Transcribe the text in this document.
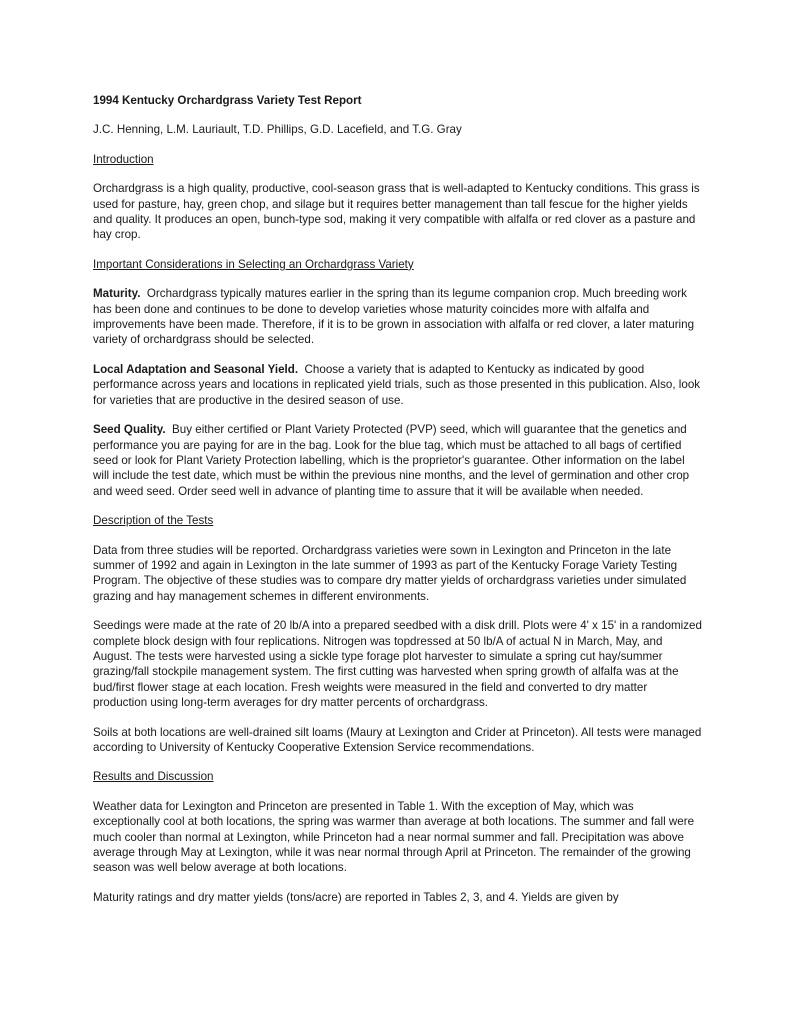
1994 Kentucky Orchardgrass Variety Test Report

J.C. Henning, L.M. Lauriault, T.D. Phillips, G.D. Lacefield, and T.G. Gray

Introduction

Orchardgrass is a high quality, productive, cool-season grass that is well-adapted to Kentucky conditions. This grass is used for pasture, hay, green chop, and silage but it requires better management than tall fescue for the higher yields and quality. It produces an open, bunch-type sod, making it very compatible with alfalfa or red clover as a pasture and hay crop.

Important Considerations in Selecting an Orchardgrass Variety

Maturity. Orchardgrass typically matures earlier in the spring than its legume companion crop. Much breeding work has been done and continues to be done to develop varieties whose maturity coincides more with alfalfa and improvements have been made. Therefore, if it is to be grown in association with alfalfa or red clover, a later maturing variety of orchardgrass should be selected.

Local Adaptation and Seasonal Yield. Choose a variety that is adapted to Kentucky as indicated by good performance across years and locations in replicated yield trials, such as those presented in this publication. Also, look for varieties that are productive in the desired season of use.

Seed Quality. Buy either certified or Plant Variety Protected (PVP) seed, which will guarantee that the genetics and performance you are paying for are in the bag. Look for the blue tag, which must be attached to all bags of certified seed or look for Plant Variety Protection labelling, which is the proprietor's guarantee. Other information on the label will include the test date, which must be within the previous nine months, and the level of germination and other crop and weed seed. Order seed well in advance of planting time to assure that it will be available when needed.

Description of the Tests

Data from three studies will be reported. Orchardgrass varieties were sown in Lexington and Princeton in the late summer of 1992 and again in Lexington in the late summer of 1993 as part of the Kentucky Forage Variety Testing Program. The objective of these studies was to compare dry matter yields of orchardgrass varieties under simulated grazing and hay management schemes in different environments.

Seedings were made at the rate of 20 lb/A into a prepared seedbed with a disk drill. Plots were 4' x 15' in a randomized complete block design with four replications. Nitrogen was topdressed at 50 lb/A of actual N in March, May, and August. The tests were harvested using a sickle type forage plot harvester to simulate a spring cut hay/summer grazing/fall stockpile management system. The first cutting was harvested when spring growth of alfalfa was at the bud/first flower stage at each location. Fresh weights were measured in the field and converted to dry matter production using long-term averages for dry matter percents of orchardgrass.

Soils at both locations are well-drained silt loams (Maury at Lexington and Crider at Princeton). All tests were managed according to University of Kentucky Cooperative Extension Service recommendations.

Results and Discussion

Weather data for Lexington and Princeton are presented in Table 1. With the exception of May, which was exceptionally cool at both locations, the spring was warmer than average at both locations. The summer and fall were much cooler than normal at Lexington, while Princeton had a near normal summer and fall. Precipitation was above average through May at Lexington, while it was near normal through April at Princeton. The remainder of the growing season was well below average at both locations.

Maturity ratings and dry matter yields (tons/acre) are reported in Tables 2, 3, and 4. Yields are given by
